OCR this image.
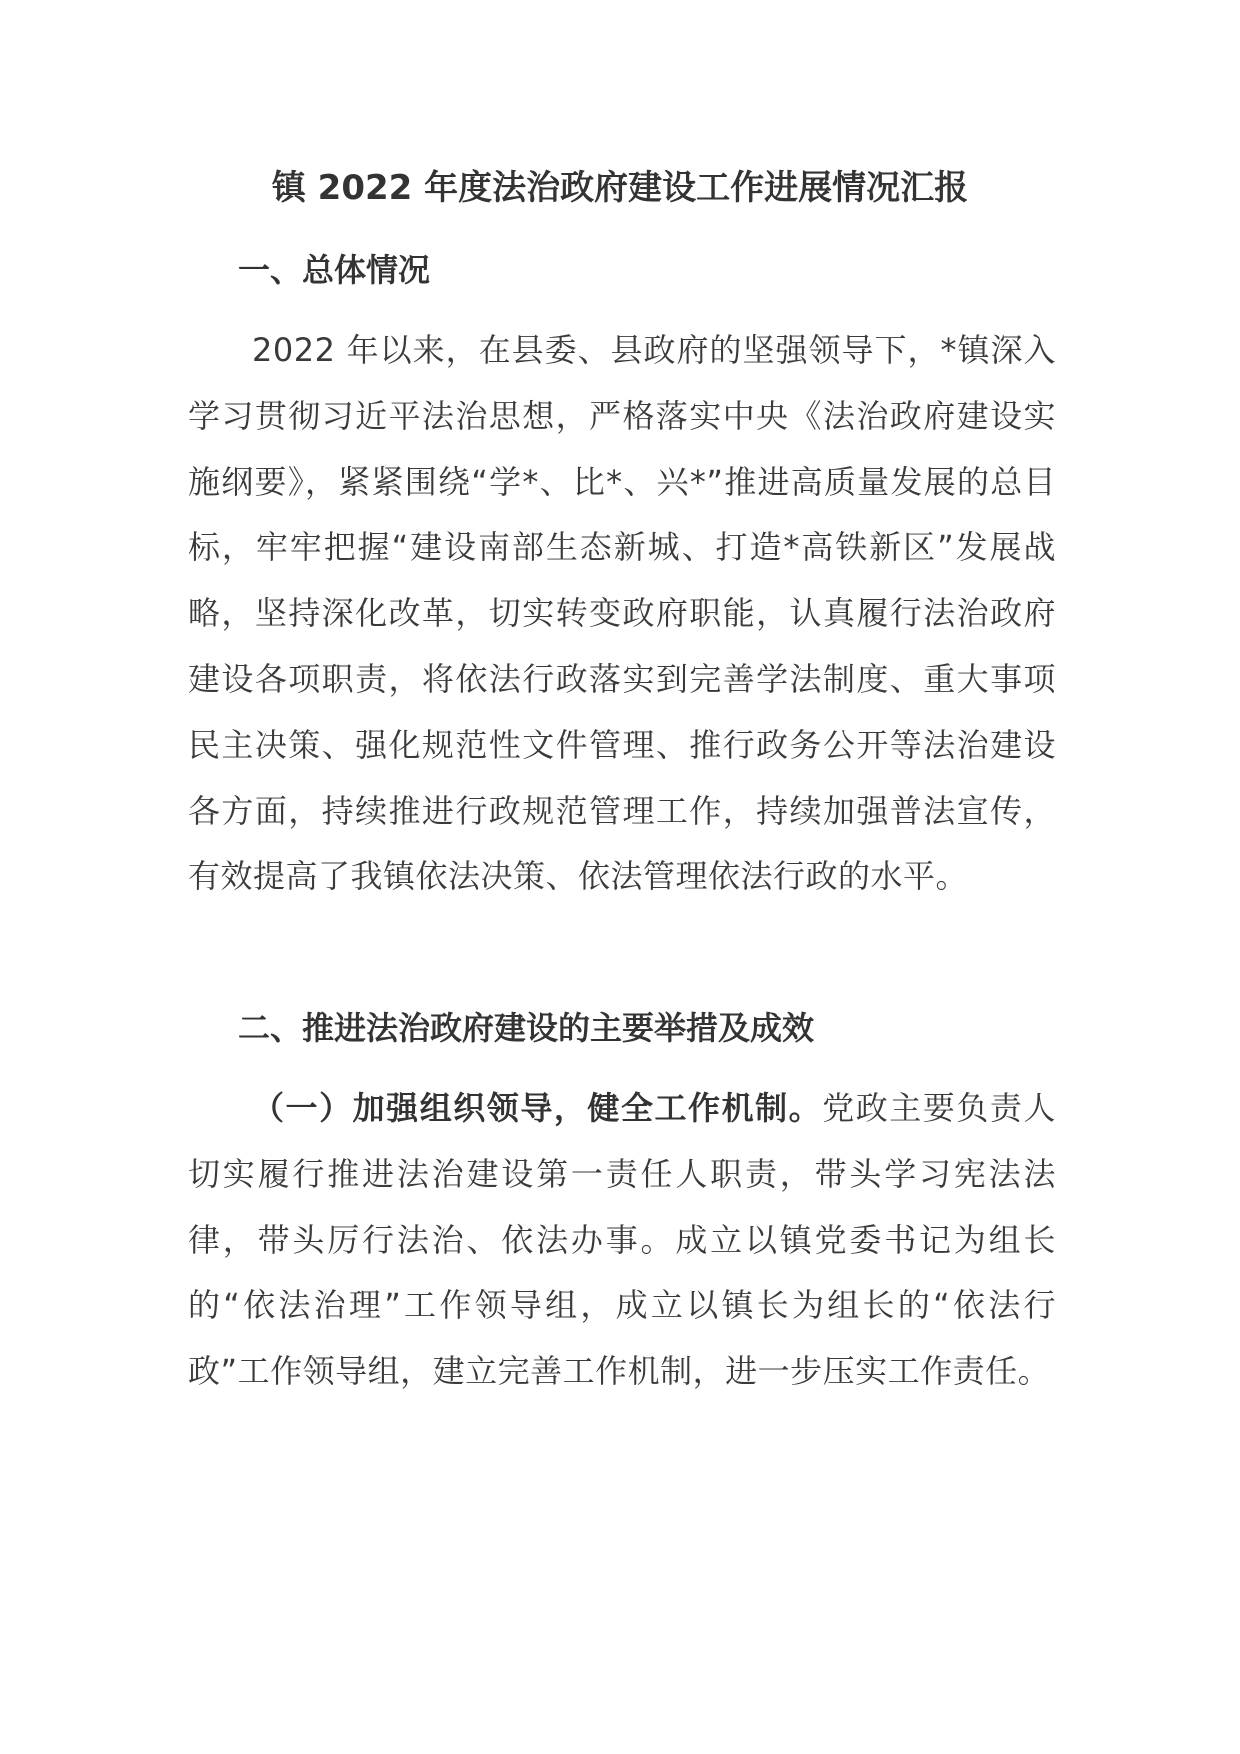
镇 2022 年度法治政府建设工作进展情况汇报
一、总体情况

2022 年以来，在县委、县政府的坚强领导下，*镇深入学习贯彻习近平法治思想，严格落实中央《法治政府建设实施纲要》，紧紧围绕“学*、比*、兴*”推进高质量发展的总目标，牢牢把握“建设南部生态新城、打造*高铁新区”发展战略，坚持深化改革，切实转变政府职能，认真履行法治政府建设各项职责，将依法行政落实到完善学法制度、重大事项民主决策、强化规范性文件管理、推行政务公开等法治建设各方面，持续推进行政规范管理工作，持续加强普法宣传，有效提高了我镇依法决策、依法管理依法行政的水平。

二、推进法治政府建设的主要举措及成效

（一）加强组织领导，健全工作机制。党政主要负责人切实履行推进法治建设第一责任人职责，带头学习宪法法律，带头厉行法治、依法办事。成立以镇党委书记为组长的“依法治理”工作领导组，成立以镇长为组长的“依法行政”工作领导组，建立完善工作机制，进一步压实工作责任。
